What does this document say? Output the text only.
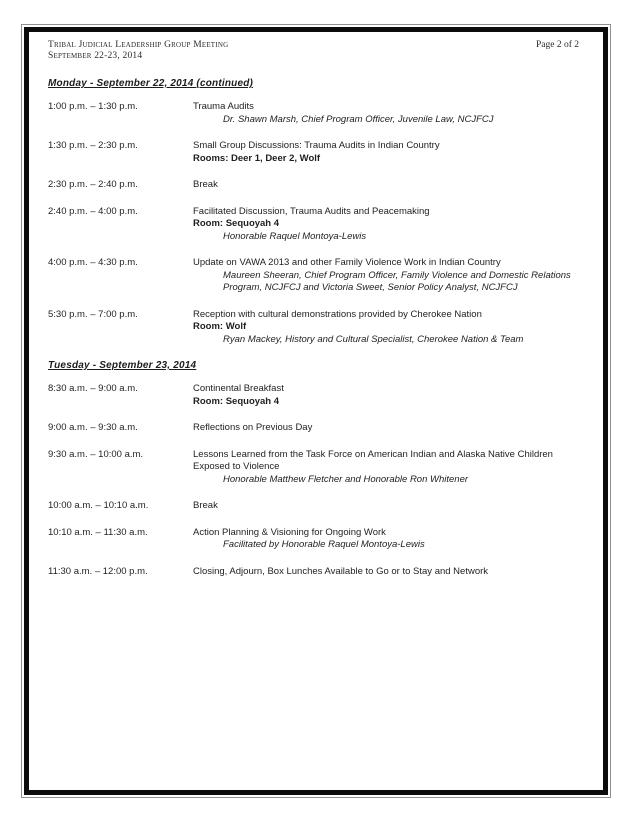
Tribal Judicial Leadership Group Meeting
September 22-23, 2014
Page 2 of 2
Monday - September 22, 2014 (continued)
1:00 p.m. – 1:30 p.m.	Trauma Audits
Dr. Shawn Marsh, Chief Program Officer, Juvenile Law, NCJFCJ
1:30 p.m. – 2:30 p.m.	Small Group Discussions: Trauma Audits in Indian Country
Rooms: Deer 1, Deer 2, Wolf
2:30 p.m. – 2:40 p.m.	Break
2:40 p.m. – 4:00 p.m.	Facilitated Discussion, Trauma Audits and Peacemaking
Room: Sequoyah 4
Honorable Raquel Montoya-Lewis
4:00 p.m. – 4:30 p.m.	Update on VAWA 2013 and other Family Violence Work in Indian Country
Maureen Sheeran, Chief Program Officer, Family Violence and Domestic Relations Program, NCJFCJ and Victoria Sweet, Senior Policy Analyst, NCJFCJ
5:30 p.m. – 7:00 p.m.	Reception with cultural demonstrations provided by Cherokee Nation
Room: Wolf
Ryan Mackey, History and Cultural Specialist, Cherokee Nation & Team
Tuesday - September 23, 2014
8:30 a.m. – 9:00 a.m.	Continental Breakfast
Room: Sequoyah 4
9:00 a.m. – 9:30 a.m.	Reflections on Previous Day
9:30 a.m. – 10:00 a.m.	Lessons Learned from the Task Force on American Indian and Alaska Native Children Exposed to Violence
Honorable Matthew Fletcher and Honorable Ron Whitener
10:00 a.m. – 10:10 a.m.	Break
10:10 a.m. – 11:30 a.m.	Action Planning & Visioning for Ongoing Work
Facilitated by Honorable Raquel Montoya-Lewis
11:30 a.m. – 12:00 p.m.	Closing, Adjourn, Box Lunches Available to Go or to Stay and Network
